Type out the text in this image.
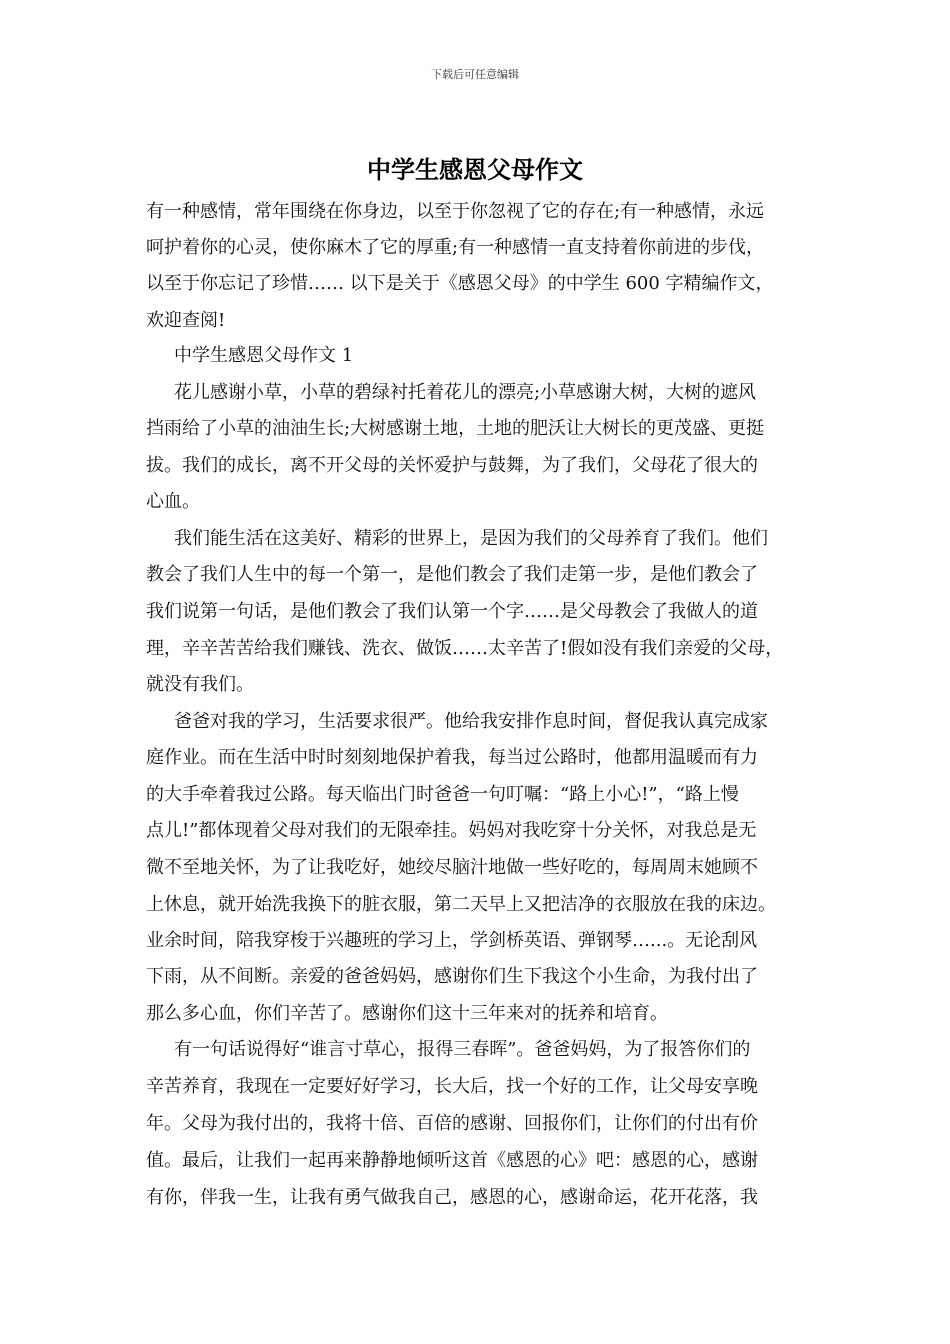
下载后可任意编辑
中学生感恩父母作文
有一种感情，常年围绕在你身边，以至于你忽视了它的存在;有一种感情，永远
呵护着你的心灵，使你麻木了它的厚重;有一种感情一直支持着你前进的步伐，
以至于你忘记了珍惜…… 以下是关于《感恩父母》的中学生 600 字精编作文，
欢迎查阅!
中学生感恩父母作文 1
花儿感谢小草，小草的碧绿衬托着花儿的漂亮;小草感谢大树，大树的遮风
挡雨给了小草的油油生长;大树感谢土地，土地的肥沃让大树长的更茂盛、更挺
拔。我们的成长，离不开父母的关怀爱护与鼓舞，为了我们，父母花了很大的
心血。
我们能生活在这美好、精彩的世界上，是因为我们的父母养育了我们。他们
教会了我们人生中的每一个第一，是他们教会了我们走第一步，是他们教会了
我们说第一句话，是他们教会了我们认第一个字……是父母教会了我做人的道
理，辛辛苦苦给我们赚钱、洗衣、做饭……太辛苦了!假如没有我们亲爱的父母，
就没有我们。
爸爸对我的学习，生活要求很严。他给我安排作息时间，督促我认真完成家
庭作业。而在生活中时时刻刻地保护着我，每当过公路时，他都用温暖而有力
的大手牵着我过公路。每天临出门时爸爸一句叮嘱：“路上小心!”，“路上慢
点儿!”都体现着父母对我们的无限牵挂。妈妈对我吃穿十分关怀，对我总是无
微不至地关怀，为了让我吃好，她绞尽脑汁地做一些好吃的，每周周末她顾不
上休息，就开始洗我换下的脏衣服，第二天早上又把洁净的衣服放在我的床边。
业余时间，陪我穿梭于兴趣班的学习上，学剑桥英语、弹钢琴…...。无论刮风
下雨，从不间断。亲爱的爸爸妈妈，感谢你们生下我这个小生命，为我付出了
那么多心血，你们辛苦了。感谢你们这十三年来对的抚养和培育。
有一句话说得好“谁言寸草心，报得三春晖”。爸爸妈妈，为了报答你们的
辛苦养育，我现在一定要好好学习，长大后，找一个好的工作，让父母安享晚
年。父母为我付出的，我将十倍、百倍的感谢、回报你们，让你们的付出有价
值。最后，让我们一起再来静静地倾听这首《感恩的心》吧：感恩的心，感谢
有你，伴我一生，让我有勇气做我自己，感恩的心，感谢命运，花开花落，我
